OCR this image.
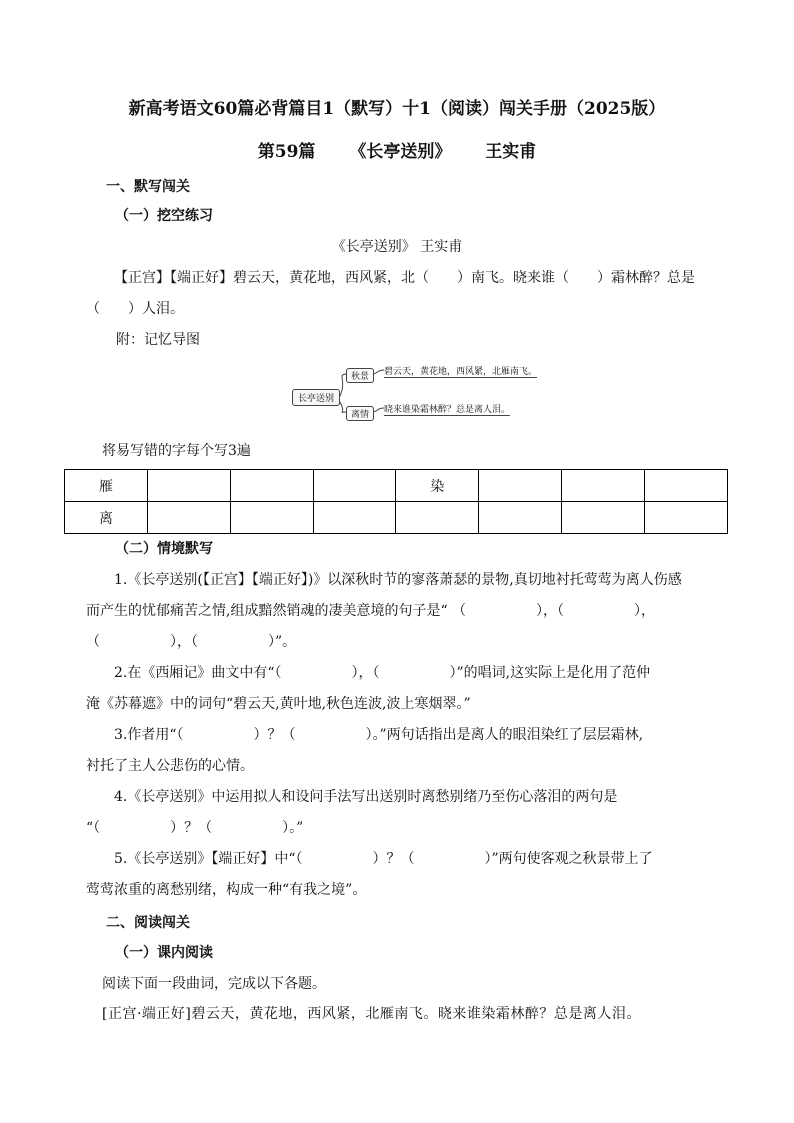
新高考语文60篇必背篇目1（默写）十1（阅读）闯关手册（2025版）
第59篇 《长亭送别》 王实甫
一、默写闯关
（一）挖空练习
《长亭送别》 王实甫
【正宫】【端正好】碧云天，黄花地，西风紧，北（　　）南飞。晓来谁（　　）霜林醉？总是
（　　）人泪。
附：记忆导图
长亭送别
秋景	碧云天，黄花地，西风紧，北雁南飞。
离情	晓来谁染霜林醉？总是离人泪。
将易写错的字每个写3遍
雁				染			
离							
（二）情境默写
1.《长亭送别(【正宫】【端正好】)》以深秋时节的寥落萧瑟的景物,真切地衬托莺莺为离人伤感
而产生的忧郁痛苦之情,组成黯然销魂的凄美意境的句子是“ （　　　　　），（　　　　　），
（　　　　　），（　　　　　）”。
2.在《西厢记》曲文中有“（　　　　　），（　　　　　）”的唱词,这实际上是化用了范仲
淹《苏幕遮》中的词句“碧云天,黄叶地,秋色连波,波上寒烟翠。”
3.作者用“（　　　　　）？（　　　　　）。”两句话指出是离人的眼泪染红了层层霜林,
衬托了主人公悲伤的心情。
4.《长亭送别》中运用拟人和设问手法写出送别时离愁别绪乃至伤心落泪的两句是
“（　　　　　）？（　　　　　）。”
5.《长亭送别》【端正好】中“（　　　　　）？（　　　　　）”两句使客观之秋景带上了
莺莺浓重的离愁别绪，构成一种“有我之境”。
二、阅读闯关
（一）课内阅读
阅读下面一段曲词，完成以下各题。
[正宫·端正好]碧云天，黄花地，西风紧，北雁南飞。晓来谁染霜林醉？总是离人泪。
